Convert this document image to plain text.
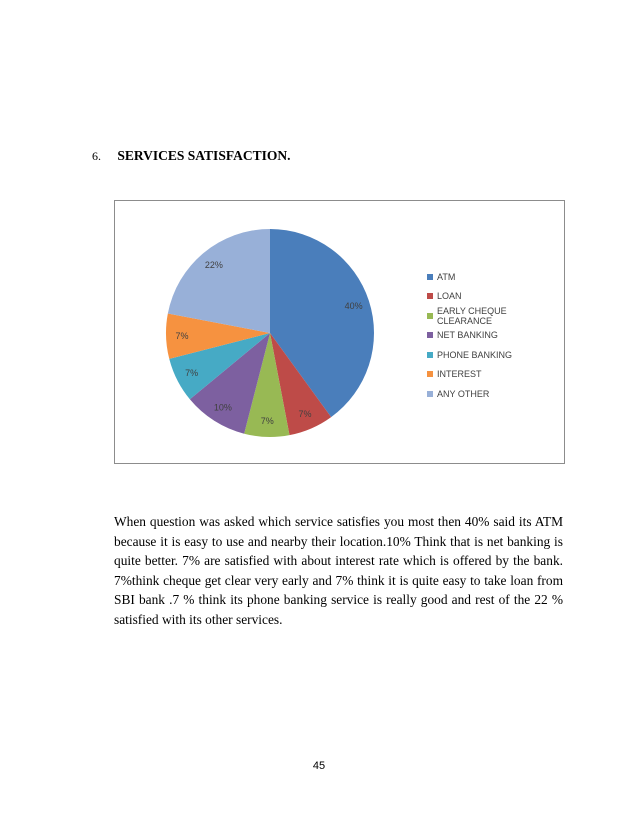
6. SERVICES SATISFACTION.
40%
7%
7%
10%
7%
7%
22%
ATM
LOAN
EARLY CHEQUE CLEARANCE
NET BANKING
PHONE BANKING
INTEREST
ANY OTHER

When question was asked which service satisfies you most then 40% said its ATM because it is easy to use and nearby their location.10% Think that is net banking is quite better. 7% are satisfied with about interest rate which is offered by the bank. 7%think cheque get clear very early and 7% think it is quite easy to take loan from SBI bank .7 % think its phone banking service is really good and rest of the 22 % satisfied with its other services.

45
